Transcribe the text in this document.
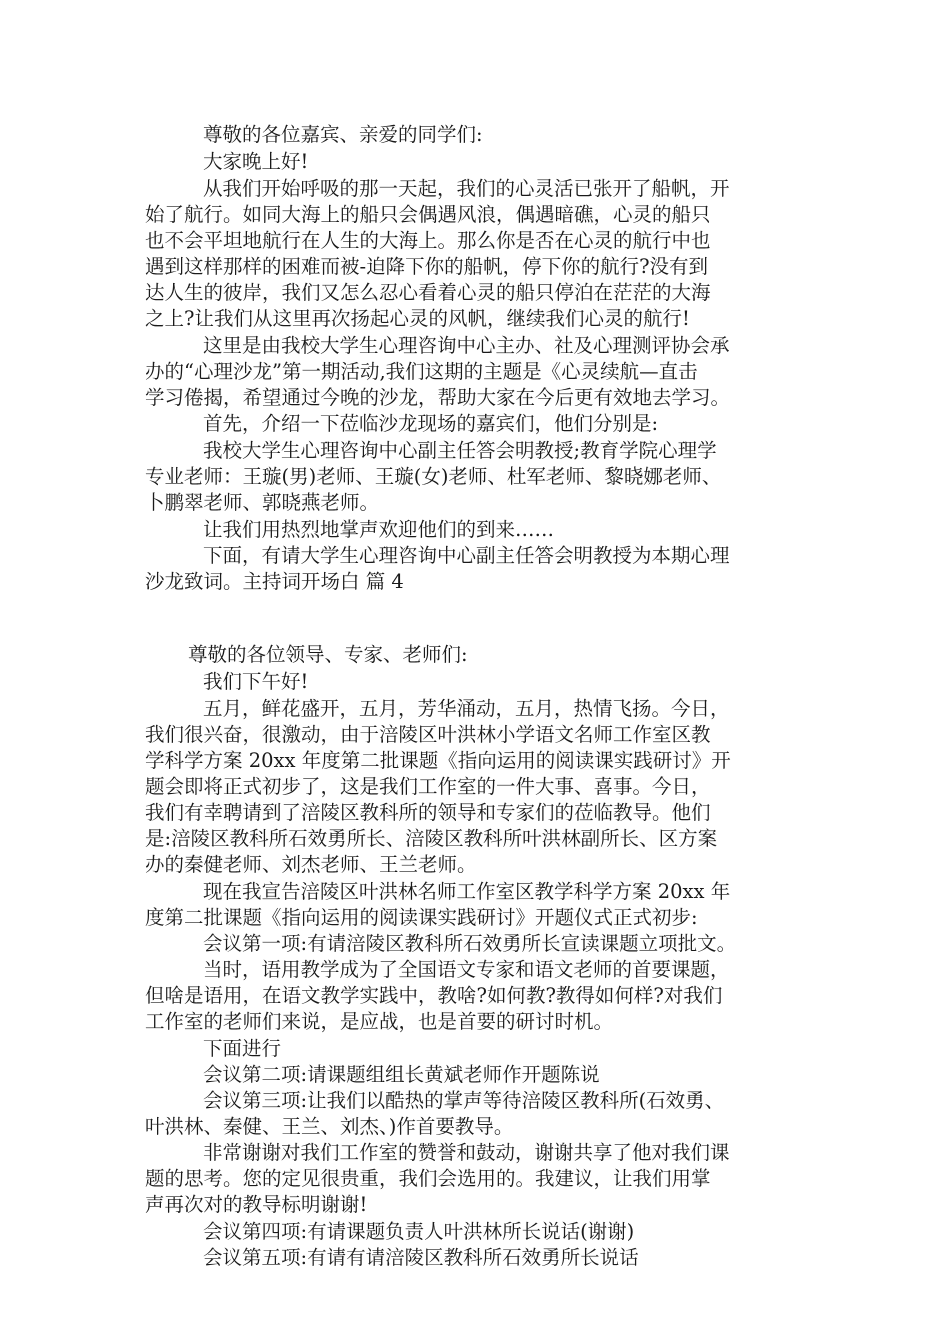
尊敬的各位嘉宾、亲爱的同学们:
大家晚上好!
从我们开始呼吸的那一天起，我们的心灵活已张开了船帆，开
始了航行。如同大海上的船只会偶遇风浪，偶遇暗礁，心灵的船只
也不会平坦地航行在人生的大海上。那么你是否在心灵的航行中也
遇到这样那样的困难而被-迫降下你的船帆，停下你的航行?没有到
达人生的彼岸，我们又怎么忍心看着心灵的船只停泊在茫茫的大海
之上?让我们从这里再次扬起心灵的风帆，继续我们心灵的航行!
这里是由我校大学生心理咨询中心主办、社及心理测评协会承
办的“心理沙龙”第一期活动,我们这期的主题是《心灵续航—直击
学习倦揭，希望通过今晚的沙龙，帮助大家在今后更有效地去学习。
首先，介绍一下莅临沙龙现场的嘉宾们，他们分别是:
我校大学生心理咨询中心副主任答会明教授;教育学院心理学
专业老师：王璇(男)老师、王璇(女)老师、杜军老师、黎晓娜老师、
卜鹏翠老师、郭晓燕老师。
让我们用热烈地掌声欢迎他们的到来……
下面，有请大学生心理咨询中心副主任答会明教授为本期心理
沙龙致词。主持词开场白 篇 4
尊敬的各位领导、专家、老师们:
我们下午好!
五月，鲜花盛开，五月，芳华涌动，五月，热情飞扬。今日，
我们很兴奋，很激动，由于涪陵区叶洪林小学语文名师工作室区教
学科学方案 20xx 年度第二批课题《指向运用的阅读课实践研讨》开
题会即将正式初步了，这是我们工作室的一件大事、喜事。今日，
我们有幸聘请到了涪陵区教科所的领导和专家们的莅临教导。他们
是:涪陵区教科所石效勇所长、涪陵区教科所叶洪林副所长、区方案
办的秦健老师、刘杰老师、王兰老师。
现在我宣告涪陵区叶洪林名师工作室区教学科学方案 20xx 年
度第二批课题《指向运用的阅读课实践研讨》开题仪式正式初步:
会议第一项:有请涪陵区教科所石效勇所长宣读课题立项批文。
当时，语用教学成为了全国语文专家和语文老师的首要课题，
但啥是语用，在语文教学实践中，教啥?如何教?教得如何样?对我们
工作室的老师们来说，是应战，也是首要的研讨时机。
下面进行
会议第二项:请课题组组长黄斌老师作开题陈说
会议第三项:让我们以酷热的掌声等待涪陵区教科所(石效勇、
叶洪林、秦健、王兰、刘杰、)作首要教导。
非常谢谢对我们工作室的赞誉和鼓动，谢谢共享了他对我们课
题的思考。您的定见很贵重，我们会选用的。我建议，让我们用掌
声再次对的教导标明谢谢!
会议第四项:有请课题负责人叶洪林所长说话(谢谢)
会议第五项:有请有请涪陵区教科所石效勇所长说话
